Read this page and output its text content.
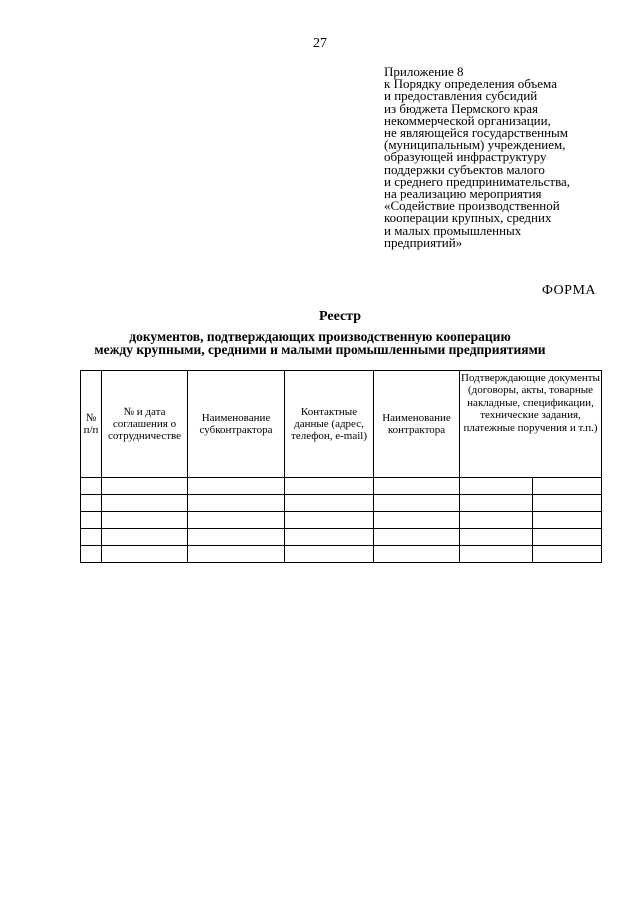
27
Приложение 8
к Порядку определения объема
и предоставления субсидий
из бюджета Пермского края
некоммерческой организации,
не являющейся государственным
(муниципальным) учреждением,
образующей инфраструктуру
поддержки субъектов малого
и среднего предпринимательства,
на реализацию мероприятия
«Содействие производственной
кооперации крупных, средних
и малых промышленных
предприятий»
ФОРМА
Реестр
документов, подтверждающих производственную кооперацию
между крупными, средними и малыми промышленными предприятиями
№ п/п	№ и дата соглашения о сотрудничестве	Наименование субконтрактора	Контактные данные (адрес, телефон, e-mail)	Наименование контрактора	Подтверждающие документы (договоры, акты, товарные накладные, спецификации, технические задания, платежные поручения и т.п.)	
